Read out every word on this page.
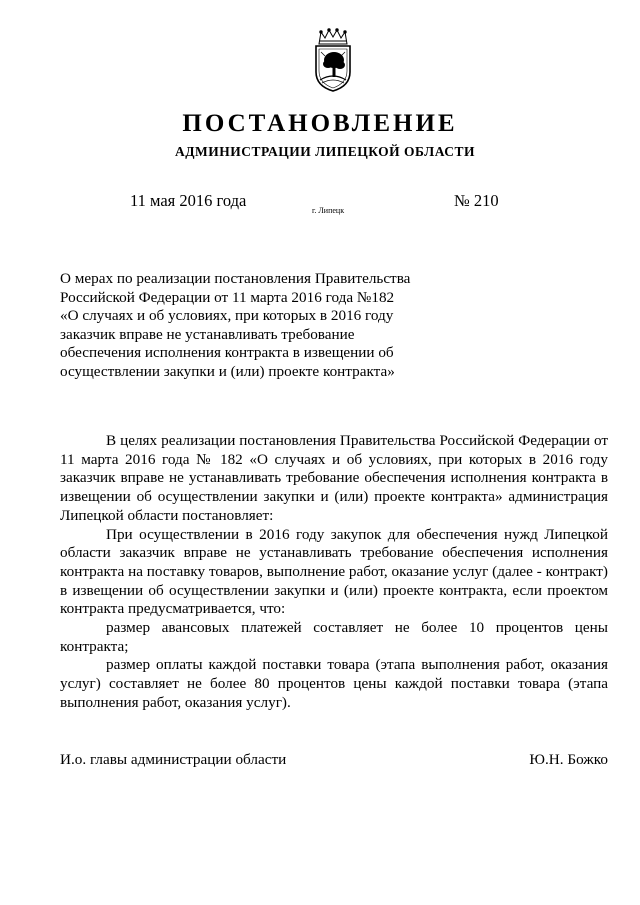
ПОСТАНОВЛЕНИЕ
АДМИНИСТРАЦИИ ЛИПЕЦКОЙ ОБЛАСТИ
11 мая 2016 года
г. Липецк
№ 210
О мерах по реализации постановления Правительства
Российской Федерации от 11 марта 2016 года №182
«О случаях и об условиях, при которых в 2016 году
заказчик вправе не устанавливать требование
обеспечения исполнения контракта в извещении об
осуществлении закупки и (или) проекте контракта»

В целях реализации постановления Правительства Российской Федерации от 11 марта 2016 года № 182 «О случаях и об условиях, при которых в 2016 году заказчик вправе не устанавливать требование обеспечения исполнения контракта в извещении об осуществлении закупки и (или) проекте контракта» администрация Липецкой области постановляет:

При осуществлении в 2016 году закупок для обеспечения нужд Липецкой области заказчик вправе не устанавливать требование обеспечения исполнения контракта на поставку товаров, выполнение работ, оказание услуг (далее - контракт) в извещении об осуществлении закупки и (или) проекте контракта, если проектом контракта предусматривается, что:

размер авансовых платежей составляет не более 10 процентов цены контракта;

размер оплаты каждой поставки товара (этапа выполнения работ, оказания услуг) составляет не более 80 процентов цены каждой поставки товара (этапа выполнения работ, оказания услуг).

И.о. главы администрации области	Ю.Н. Божко
